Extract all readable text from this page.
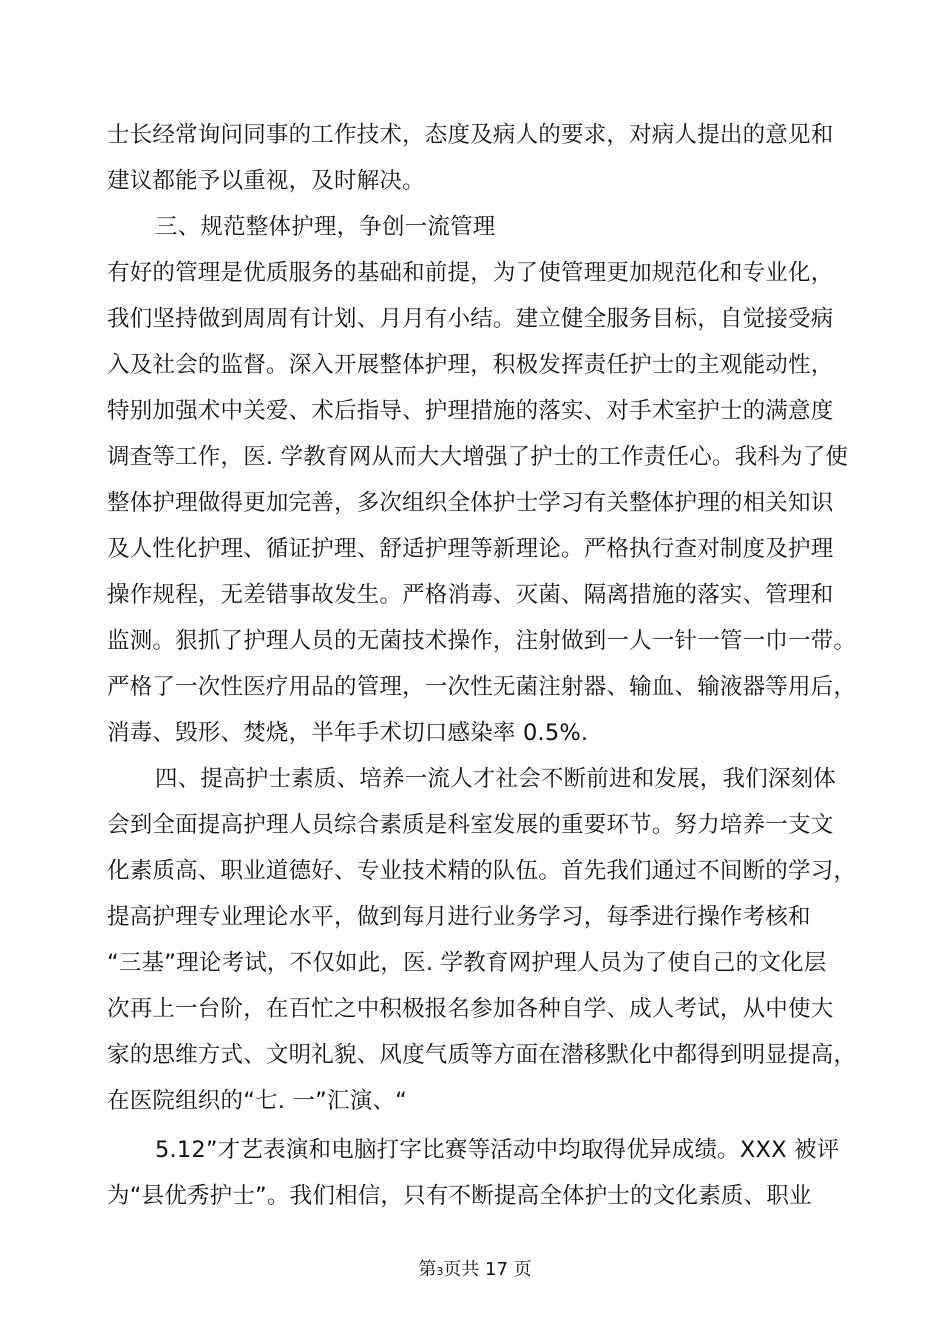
士长经常询问同事的工作技术，态度及病人的要求，对病人提出的意见和
建议都能予以重视，及时解决。
三、规范整体护理，争创一流管理
有好的管理是优质服务的基础和前提，为了使管理更加规范化和专业化，
我们坚持做到周周有计划、月月有小结。建立健全服务目标，自觉接受病
入及社会的监督。深入开展整体护理，积极发挥责任护士的主观能动性，
特别加强术中关爱、术后指导、护理措施的落实、对手术室护士的满意度
调查等工作，医. 学教育网从而大大增强了护士的工作责任心。我科为了使
整体护理做得更加完善，多次组织全体护士学习有关整体护理的相关知识
及人性化护理、循证护理、舒适护理等新理论。严格执行查对制度及护理
操作规程，无差错事故发生。严格消毒、灭菌、隔离措施的落实、管理和
监测。狠抓了护理人员的无菌技术操作，注射做到一人一针一管一巾一带。
严格了一次性医疗用品的管理，一次性无菌注射器、输血、输液器等用后，
消毒、毁形、焚烧，半年手术切口感染率 0.5%.
四、提高护士素质、培养一流人才社会不断前进和发展，我们深刻体
会到全面提高护理人员综合素质是科室发展的重要环节。努力培养一支文
化素质高、职业道德好、专业技术精的队伍。首先我们通过不间断的学习，
提高护理专业理论水平，做到每月进行业务学习，每季进行操作考核和
“三基”理论考试，不仅如此，医. 学教育网护理人员为了使自己的文化层
次再上一台阶，在百忙之中积极报名参加各种自学、成人考试，从中使大
家的思维方式、文明礼貌、风度气质等方面在潜移默化中都得到明显提高，
在医院组织的“七. 一”汇演、“
5.12”才艺表演和电脑打字比赛等活动中均取得优异成绩。XXX 被评
为“县优秀护士”。我们相信，只有不断提高全体护士的文化素质、职业
第3页共 17 页
